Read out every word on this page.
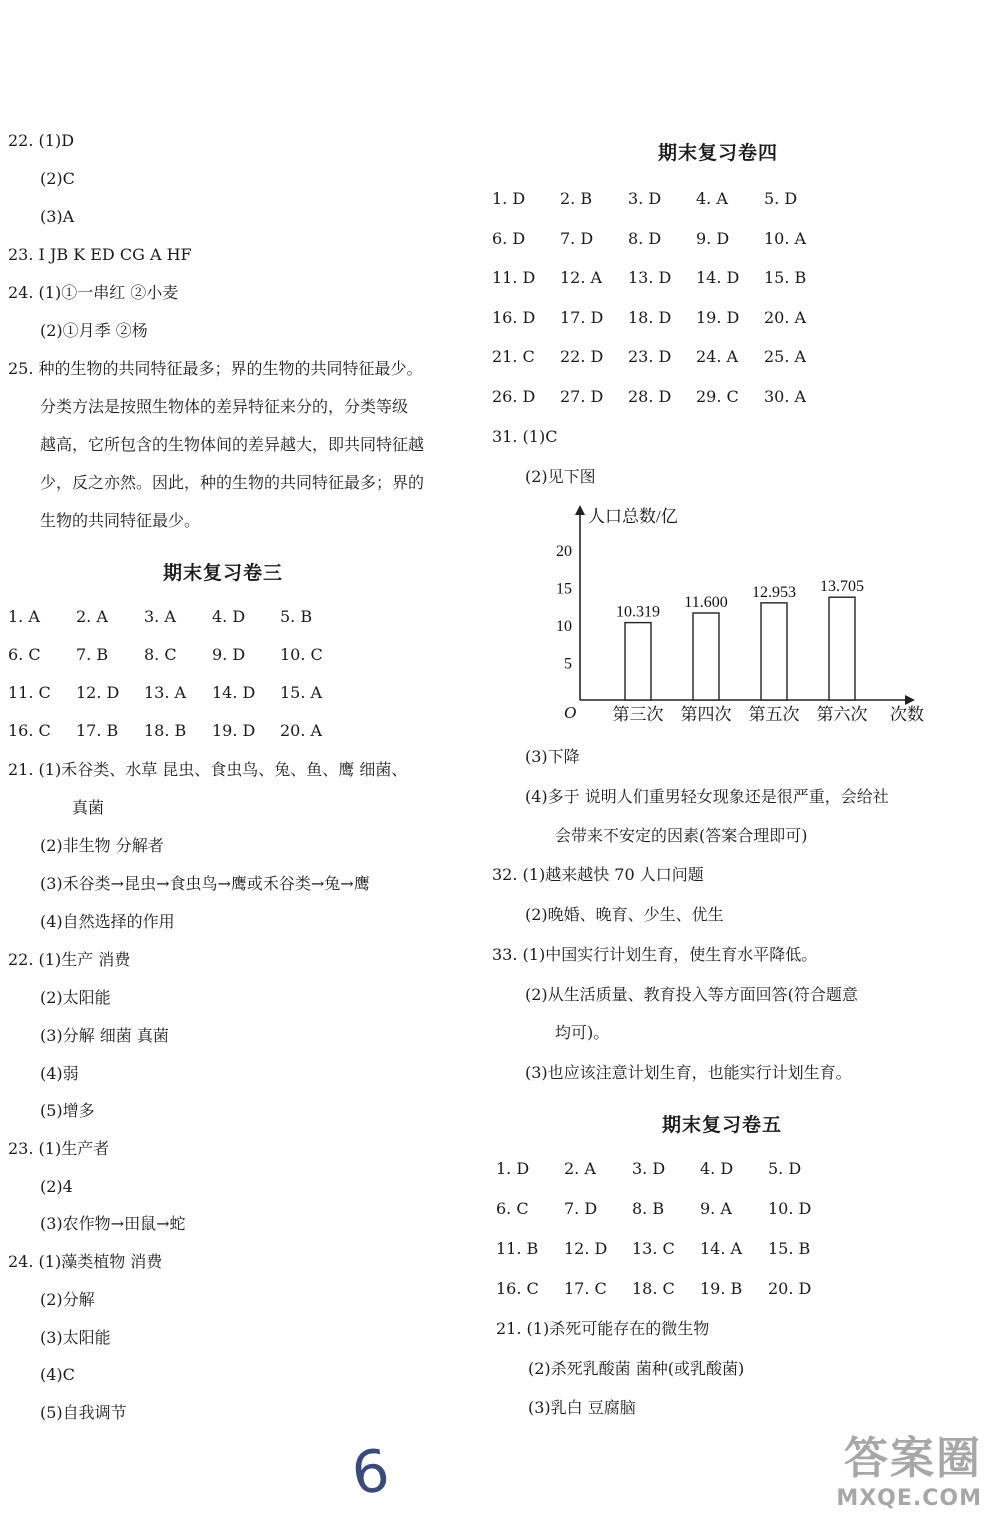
22. (1)D
(2)C
(3)A
23. I JB K ED CG A HF
24. (1)①一串红 ②小麦
(2)①月季 ②杨
25. 种的生物的共同特征最多；界的生物的共同特征最少。
分类方法是按照生物体的差异特征来分的，分类等级
越高，它所包含的生物体间的差异越大，即共同特征越
少，反之亦然。因此，种的生物的共同特征最多；界的
生物的共同特征最少。
期末复习卷三
1. A 2. A 3. A 4. D 5. B
6. C 7. B 8. C 9. D 10. C
11. C 12. D 13. A 14. D 15. A
16. C 17. B 18. B 19. D 20. A
21. (1)禾谷类、水草 昆虫、食虫鸟、兔、鱼、鹰 细菌、
真菌
(2)非生物 分解者
(3)禾谷类→昆虫→食虫鸟→鹰或禾谷类→兔→鹰
(4)自然选择的作用
22. (1)生产 消费
(2)太阳能
(3)分解 细菌 真菌
(4)弱
(5)增多
23. (1)生产者
(2)4
(3)农作物→田鼠→蛇
24. (1)藻类植物 消费
(2)分解
(3)太阳能
(4)C
(5)自我调节
期末复习卷四
1. D 2. B 3. D 4. A 5. D
6. D 7. D 8. D 9. D 10. A
11. D 12. A 13. D 14. D 15. B
16. D 17. D 18. D 19. D 20. A
21. C 22. D 23. D 24. A 25. A
26. D 27. D 28. D 29. C 30. A
31. (1)C
(2)见下图
人口总数/亿
次数
O
5
10
15
20
10.319
第三次
11.600
第四次
12.953
第五次
13.705
第六次
(3)下降
(4)多于 说明人们重男轻女现象还是很严重，会给社
会带来不安定的因素(答案合理即可)
32. (1)越来越快 70 人口问题
(2)晚婚、晚育、少生、优生
33. (1)中国实行计划生育，使生育水平降低。
(2)从生活质量、教育投入等方面回答(符合题意
均可)。
(3)也应该注意计划生育，也能实行计划生育。
期末复习卷五
1. D 2. A 3. D 4. D 5. D
6. C 7. D 8. B 9. A 10. D
11. B 12. D 13. C 14. A 15. B
16. C 17. C 18. C 19. B 20. D
21. (1)杀死可能存在的微生物
(2)杀死乳酸菌 菌种(或乳酸菌)
(3)乳白 豆腐脑
6	答案圈
MXQE.COM
